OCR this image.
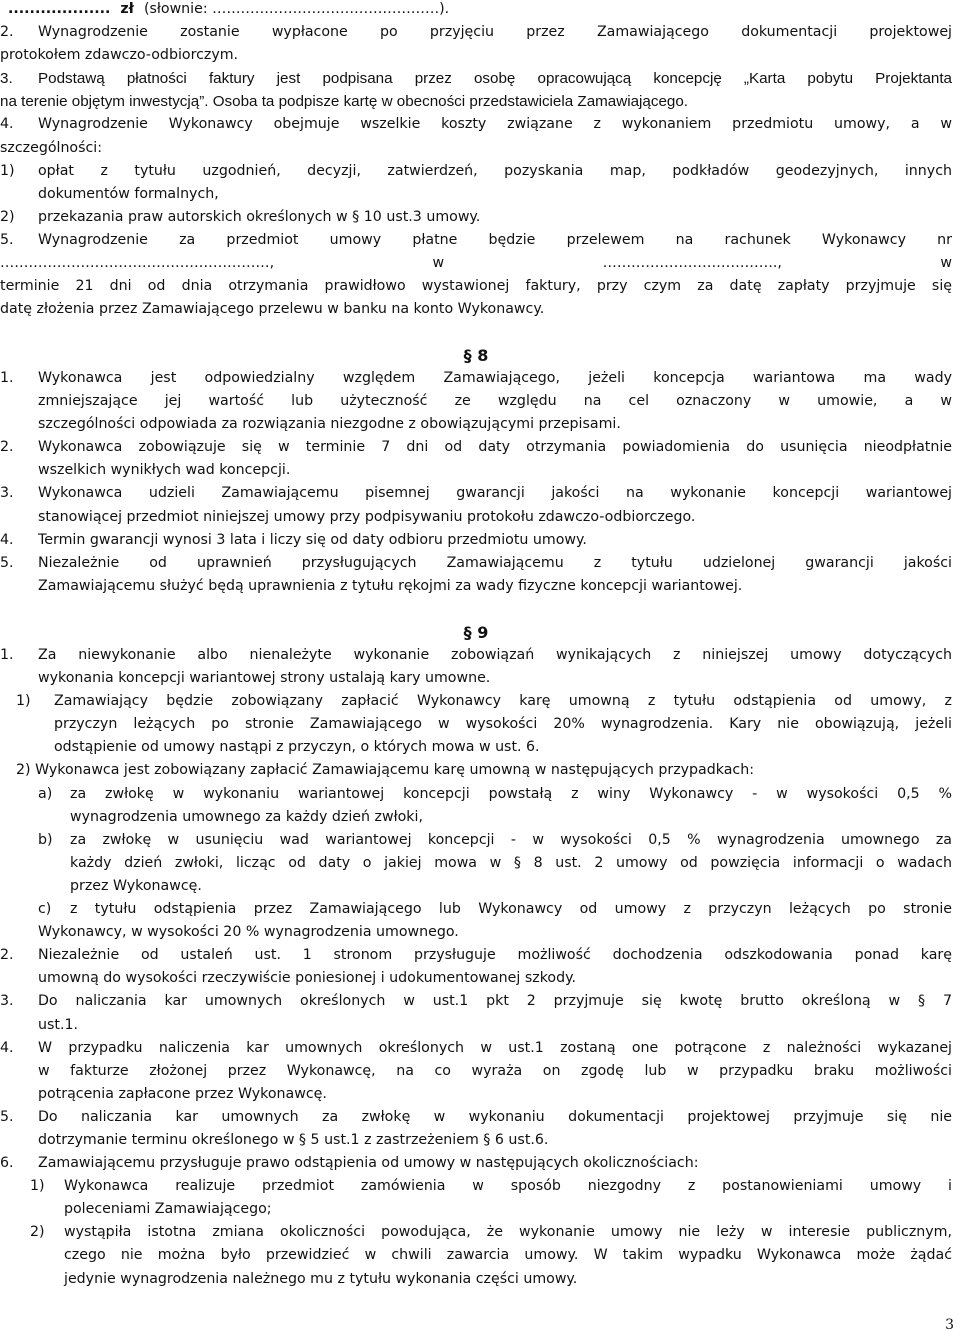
................... zł (słownie: …………………………………………).
2.	Wynagrodzenie zostanie wypłacone po przyjęciu przez Zamawiającego dokumentacji projektowej
protokołem zdawczo-odbiorczym.
3.	Podstawą płatności faktury jest podpisana przez osobę opracowującą koncepcję „Karta pobytu Projektanta
na terenie objętym inwestycją”. Osoba ta podpisze kartę w obecności przedstawiciela Zamawiającego.
4.	Wynagrodzenie Wykonawcy obejmuje wszelkie koszty związane z wykonaniem przedmiotu umowy, a w
szczególności:
1)	opłat z tytułu uzgodnień, decyzji, zatwierdzeń, pozyskania map, podkładów geodezyjnych, innych
dokumentów formalnych,
2)	przekazania praw autorskich określonych w § 10 ust.3 umowy.
5.	Wynagrodzenie za przedmiot umowy płatne będzie przelewem na rachunek Wykonawcy nr
…………………………………………………, w ………………………………., w
terminie 21 dni od dnia otrzymania prawidłowo wystawionej faktury, przy czym za datę zapłaty przyjmuje się
datę złożenia przez Zamawiającego przelewu w banku na konto Wykonawcy.
§ 8
1.	Wykonawca jest odpowiedzialny względem Zamawiającego, jeżeli koncepcja wariantowa ma wady
zmniejszające jej wartość lub użyteczność ze względu na cel oznaczony w umowie, a w
szczególności odpowiada za rozwiązania niezgodne z obowiązującymi przepisami.
2.	Wykonawca zobowiązuje się w terminie 7 dni od daty otrzymania powiadomienia do usunięcia nieodpłatnie
wszelkich wynikłych wad koncepcji.
3.	Wykonawca udzieli Zamawiającemu pisemnej gwarancji jakości na wykonanie koncepcji wariantowej
stanowiącej przedmiot niniejszej umowy przy podpisywaniu protokołu zdawczo-odbiorczego.
4.	Termin gwarancji wynosi 3 lata i liczy się od daty odbioru przedmiotu umowy.
5.	Niezależnie od uprawnień przysługujących Zamawiającemu z tytułu udzielonej gwarancji jakości
Zamawiającemu służyć będą uprawnienia z tytułu rękojmi za wady fizyczne koncepcji wariantowej.
§ 9
1.	Za niewykonanie albo nienależyte wykonanie zobowiązań wynikających z niniejszej umowy dotyczących
wykonania koncepcji wariantowej strony ustalają kary umowne.
1)	Zamawiający będzie zobowiązany zapłacić Wykonawcy karę umowną z tytułu odstąpienia od umowy, z
przyczyn leżących po stronie Zamawiającego w wysokości 20% wynagrodzenia. Kary nie obowiązują, jeżeli
odstąpienie od umowy nastąpi z przyczyn, o których mowa w ust. 6.
2) Wykonawca jest zobowiązany zapłacić Zamawiającemu karę umowną w następujących przypadkach:
a)	za zwłokę w wykonaniu wariantowej koncepcji powstałą z winy Wykonawcy - w wysokości 0,5 %
wynagrodzenia umownego za każdy dzień zwłoki,
b)	za zwłokę w usunięciu wad wariantowej koncepcji - w wysokości 0,5 % wynagrodzenia umownego za
każdy dzień zwłoki, licząc od daty o jakiej mowa w § 8 ust. 2 umowy od powzięcia informacji o wadach
przez Wykonawcę.
c)	z tytułu odstąpienia przez Zamawiającego lub Wykonawcy od umowy z przyczyn leżących po stronie
Wykonawcy, w wysokości 20 % wynagrodzenia umownego.
2.	Niezależnie od ustaleń ust. 1 stronom przysługuje możliwość dochodzenia odszkodowania ponad karę
umowną do wysokości rzeczywiście poniesionej i udokumentowanej szkody.
3.	Do naliczania kar umownych określonych w ust.1 pkt 2 przyjmuje się kwotę brutto określoną w § 7
ust.1.
4.	W przypadku naliczenia kar umownych określonych w ust.1 zostaną one potrącone z należności wykazanej
w fakturze złożonej przez Wykonawcę, na co wyraża on zgodę lub w przypadku braku możliwości
potrącenia zapłacone przez Wykonawcę.
5.	Do naliczania kar umownych za zwłokę w wykonaniu dokumentacji projektowej przyjmuje się nie
dotrzymanie terminu określonego w § 5 ust.1 z zastrzeżeniem § 6 ust.6.
6.	Zamawiającemu przysługuje prawo odstąpienia od umowy w następujących okolicznościach:
1)	Wykonawca realizuje przedmiot zamówienia w sposób niezgodny z postanowieniami umowy i
poleceniami Zamawiającego;
2)	wystąpiła istotna zmiana okoliczności powodująca, że wykonanie umowy nie leży w interesie publicznym,
czego nie można było przewidzieć w chwili zawarcia umowy. W takim wypadku Wykonawca może żądać
jedynie wynagrodzenia należnego mu z tytułu wykonania części umowy.
3
